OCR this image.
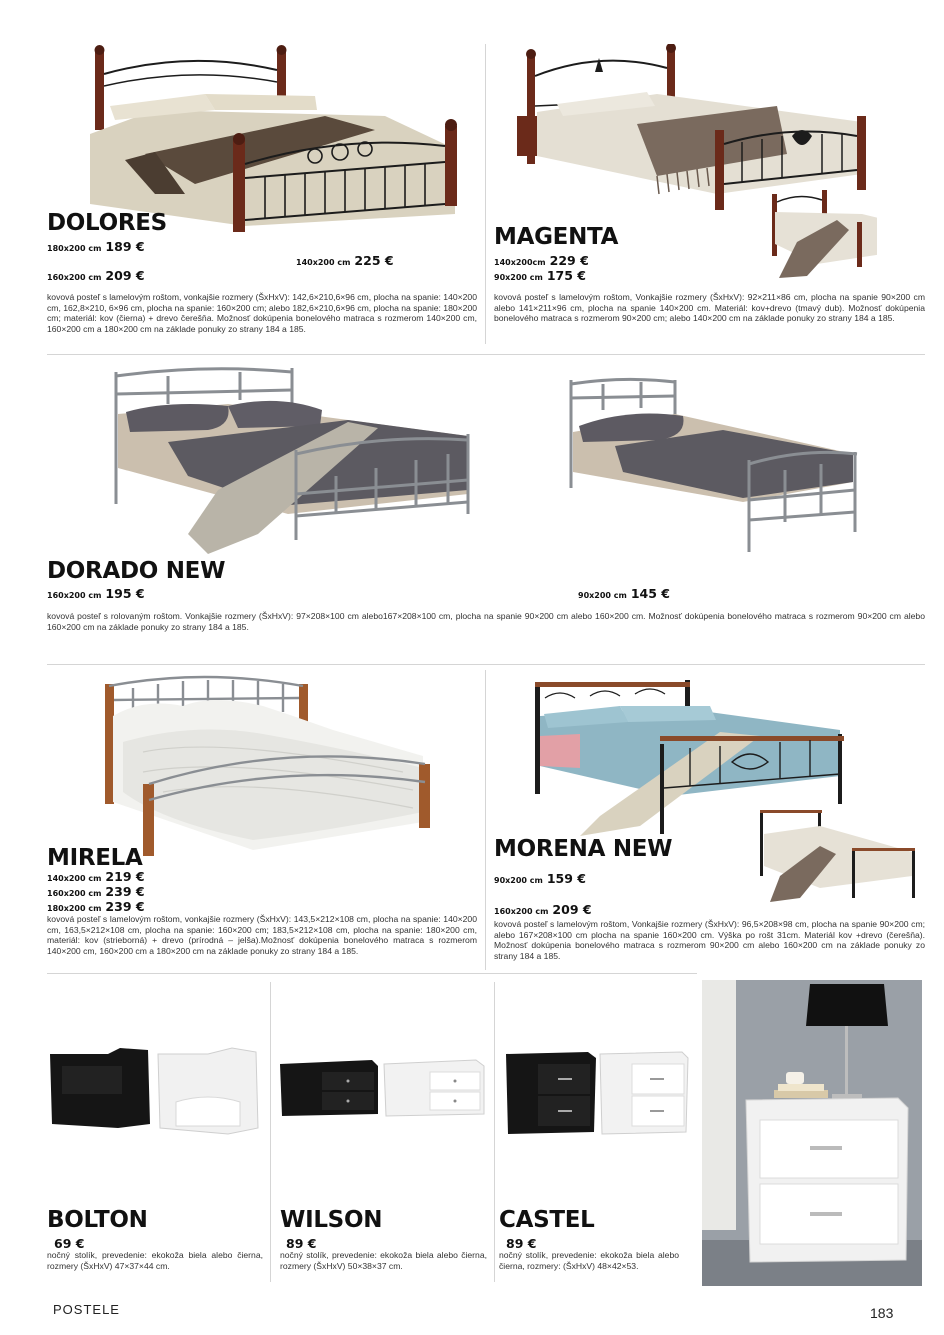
DOLORES
180x200 cm 189 €
140x200 cm 225 €
160x200 cm 209 €
kovová posteľ s lamelovým roštom, vonkajšie rozmery (ŠxHxV): 142,6×210,6×96 cm, plocha na spanie: 140×200 cm, 162,8×210, 6×96 cm, plocha na spanie: 160×200 cm; alebo 182,6×210,6×96 cm, plocha na spanie: 180×200 cm; materiál: kov (čierna) + drevo čerešňa. Možnosť dokúpenia bonelového matraca s rozmerom 140×200 cm, 160×200 cm a 180×200 cm na základe ponuky zo strany 184 a 185.
MAGENTA
140x200cm 229 €
90x200 cm 175 €
kovová posteľ s lamelovým roštom, Vonkajšie rozmery (ŠxHxV): 92×211×86 cm, plocha na spanie 90×200 cm alebo 141×211×96 cm, plocha na spanie 140×200 cm. Materiál: kov+drevo (tmavý dub). Možnosť dokúpenia bonelového matraca s rozmerom 90×200 cm; alebo 140×200 cm na základe ponuky zo strany 184 a 185.
DORADO NEW
160x200 cm 195 €	90x200 cm 145 €
kovová posteľ s rolovaným roštom. Vonkajšie rozmery (ŠxHxV): 97×208×100 cm alebo167×208×100 cm, plocha na spanie 90×200 cm alebo 160×200 cm. Možnosť dokúpenia bonelového matraca s rozmerom 90×200 cm alebo 160×200 cm na základe ponuky zo strany 184 a 185.
MIRELA
140x200 cm 219 €
160x200 cm 239 €
180x200 cm 239 €
kovová posteľ s lamelovým roštom, vonkajšie rozmery (ŠxHxV): 143,5×212×108 cm, plocha na spanie: 140×200 cm, 163,5×212×108 cm, plocha na spanie: 160×200 cm; 183,5×212×108 cm, plocha na spanie: 180×200 cm, materiál: kov (strieborná) + drevo (prírodná – jelša).Možnosť dokúpenia bonelového matraca s rozmerom 140×200 cm, 160×200 cm a 180×200 cm na základe ponuky zo strany 184 a 185.
MORENA NEW
90x200 cm 159 €
160x200 cm 209 €
kovová posteľ s lamelovým roštom, Vonkajšie rozmery (ŠxHxV): 96,5×208×98 cm, plocha na spanie 90×200 cm; alebo 167×208×100 cm plocha na spanie 160×200 cm. Výška po rošt 31cm. Materiál kov +drevo (čerešňa). Možnosť dokúpenia bonelového matraca s rozmerom 90×200 cm alebo 160×200 cm na základe ponuky zo strany 184 a 185.
BOLTON
69 €
nočný stolík, prevedenie: ekokoža biela alebo čierna, rozmery (ŠxHxV) 47×37×44 cm.
WILSON
89 €
nočný stolík, prevedenie: ekokoža biela alebo čierna, rozmery (ŠxHxV) 50×38×37 cm.
CASTEL
89 €
nočný stolík, prevedenie: ekokoža biela alebo čierna, rozmery: (ŠxHxV) 48×42×53.
POSTELE	183
